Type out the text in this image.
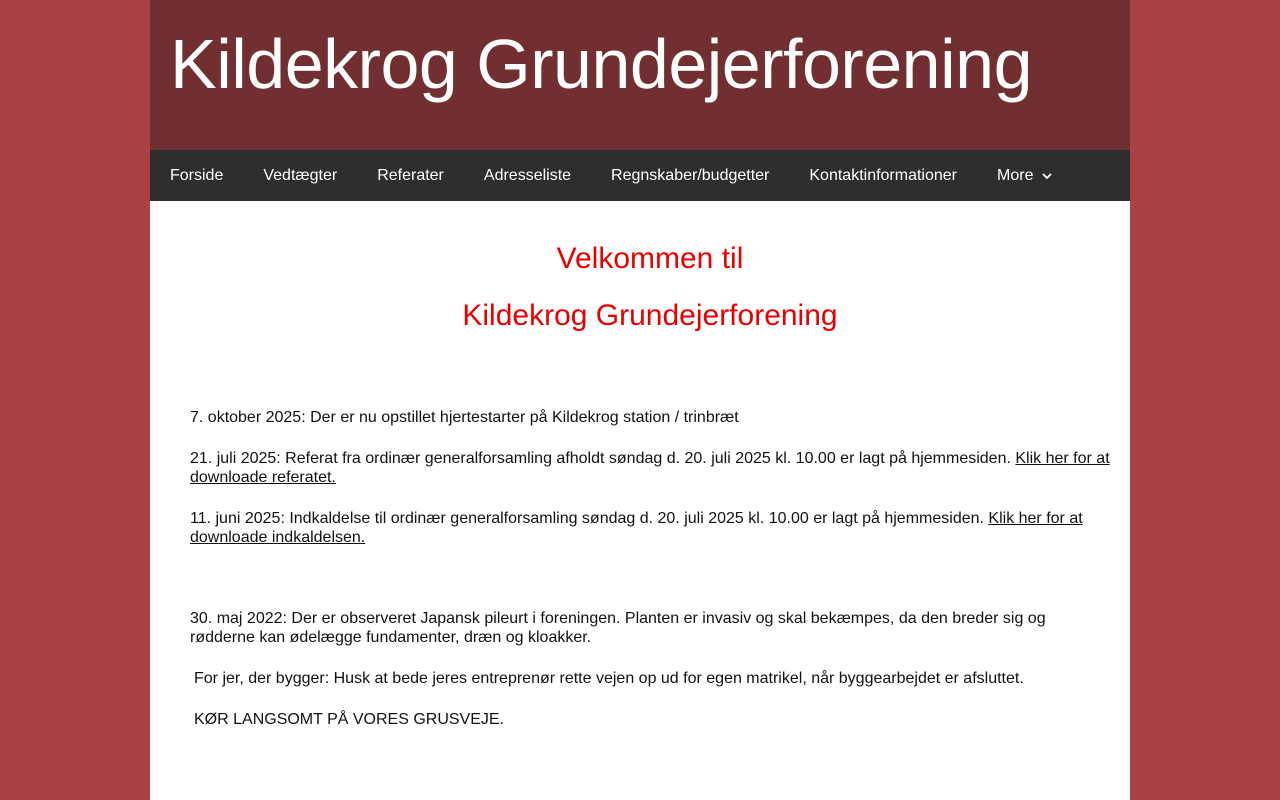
Kildekrog Grundejerforening
Forside	Vedtægter	Referater	Adresseliste	Regnskaber/budgetter	Kontaktinformationer	More
Velkommen til
Kildekrog Grundejerforening

7. oktober 2025: Der er nu opstillet hjertestarter på Kildekrog station / trinbræt

21. juli 2025: Referat fra ordinær generalforsamling afholdt søndag d. 20. juli 2025 kl. 10.00 er lagt på hjemmesiden. Klik her for at downloade referatet.

11. juni 2025: Indkaldelse til ordinær generalforsamling søndag d. 20. juli 2025 kl. 10.00 er lagt på hjemmesiden. Klik her for at downloade indkaldelsen.

30. maj 2022: Der er observeret Japansk pileurt i foreningen. Planten er invasiv og skal bekæmpes, da den breder sig og rødderne kan ødelægge fundamenter, dræn og kloakker.

For jer, der bygger: Husk at bede jeres entreprenør rette vejen op ud for egen matrikel, når byggearbejdet er afsluttet.

KØR LANGSOMT PÅ VORES GRUSVEJE.
